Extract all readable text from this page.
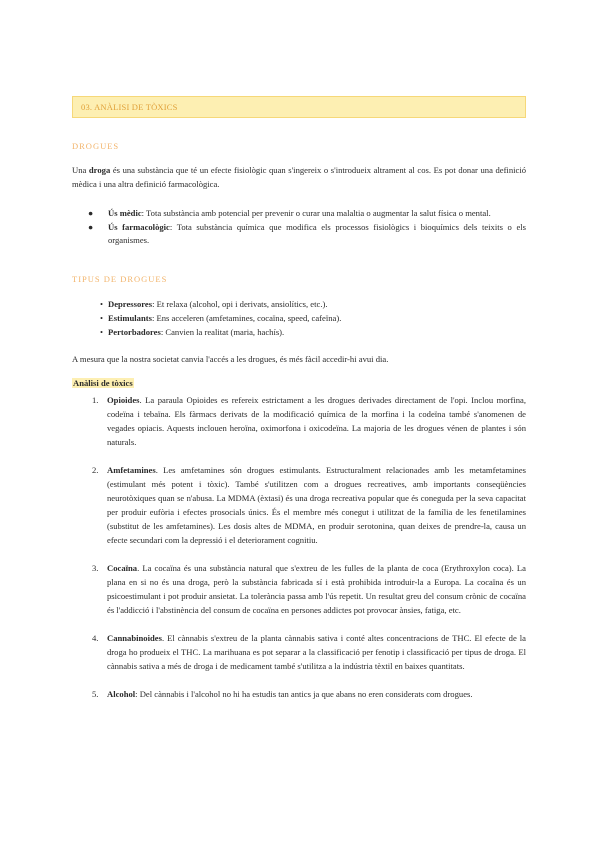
03. ANÀLISI DE TÒXICS
DROGUES

Una droga és una substància que té un efecte fisiològic quan s'ingereix o s'introdueix altrament al cos. Es pot donar una definició mèdica i una altra definició farmacològica.

● Ús mèdic: Tota substància amb potencial per prevenir o curar una malaltia o augmentar la salut física o mental.
● Ús farmacològic: Tota substància química que modifica els processos fisiològics i bioquímics dels teixits o els organismes.
TIPUS DE DROGUES
• Depressores: Et relaxa (alcohol, opi i derivats, ansiolítics, etc.).
• Estimulants: Ens acceleren (amfetamines, cocaïna, speed, cafeïna).
• Pertorbadores: Canvien la realitat (maria, hachís).

A mesura que la nostra societat canvia l'accés a les drogues, és més fàcil accedir-hi avui dia.

Anàlisi de tòxics
1. Opioides. La paraula Opioides es refereix estrictament a les drogues derivades directament de l'opi. Inclou morfina, codeïna i tebaïna. Els fàrmacs derivats de la modificació química de la morfina i la codeïna també s'anomenen de vegades opiacis. Aquests inclouen heroïna, oximorfona i oxicodeïna. La majoria de les drogues vénen de plantes i són naturals.
2. Amfetamines. Les amfetamines són drogues estimulants. Estructuralment relacionades amb les metamfetamines (estimulant més potent i tòxic). També s'utilitzen com a drogues recreatives, amb importants conseqüències neurotòxiques quan se n'abusa. La MDMA (èxtasi) és una droga recreativa popular que és coneguda per la seva capacitat per produir eufòria i efectes prosocials únics. És el membre més conegut i utilitzat de la família de les fenetilamines (substitut de les amfetamines). Les dosis altes de MDMA, en produir serotonina, quan deixes de prendre-la, causa un efecte secundari com la depressió i el deteriorament cognitiu.
3. Cocaïna. La cocaïna és una substància natural que s'extreu de les fulles de la planta de coca (Erythroxylon coca). La plana en si no és una droga, però la substància fabricada sí i està prohibida introduir-la a Europa. La cocaïna és un psicoestimulant i pot produir ansietat. La tolerància passa amb l'ús repetit. Un resultat greu del consum crònic de cocaïna és l'addicció i l'abstinència del consum de cocaïna en persones addictes pot provocar ànsies, fatiga, etc.
4. Cannabinoides. El cànnabis s'extreu de la planta cànnabis sativa i conté altes concentracions de THC. El efecte de la droga ho produeix el THC. La marihuana es pot separar a la classificació per fenotip i classificació per tipus de droga. El cànnabis sativa a més de droga i de medicament també s'utilitza a la indústria tèxtil en baixes quantitats.
5. Alcohol: Del cànnabis i l'alcohol no hi ha estudis tan antics ja que abans no eren considerats com drogues.
